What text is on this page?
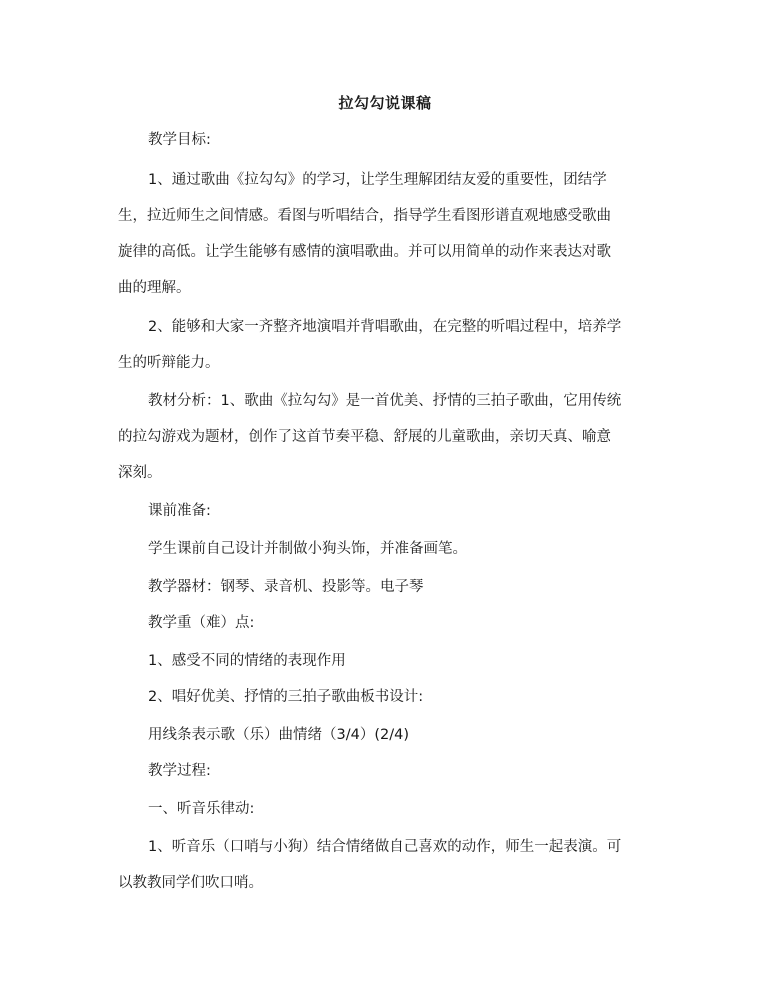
拉勾勾说课稿
教学目标:
1、通过歌曲《拉勾勾》的学习，让学生理解团结友爱的重要性，团结学
生，拉近师生之间情感。看图与听唱结合，指导学生看图形谱直观地感受歌曲
旋律的高低。让学生能够有感情的演唱歌曲。并可以用简单的动作来表达对歌
曲的理解。
2、能够和大家一齐整齐地演唱并背唱歌曲，在完整的听唱过程中，培养学
生的听辩能力。
教材分析：1、歌曲《拉勾勾》是一首优美、抒情的三拍子歌曲，它用传统
的拉勾游戏为题材，创作了这首节奏平稳、舒展的儿童歌曲，亲切天真、喻意
深刻。
课前准备:
学生课前自己设计并制做小狗头饰，并准备画笔。
教学器材：钢琴、录音机、投影等。电子琴
教学重（难）点:
1、感受不同的情绪的表现作用
2、唱好优美、抒情的三拍子歌曲板书设计:
用线条表示歌（乐）曲情绪（3/4）(2/4)
教学过程:
一、听音乐律动:
1、听音乐（口哨与小狗）结合情绪做自己喜欢的动作，师生一起表演。可
以教教同学们吹口哨。
